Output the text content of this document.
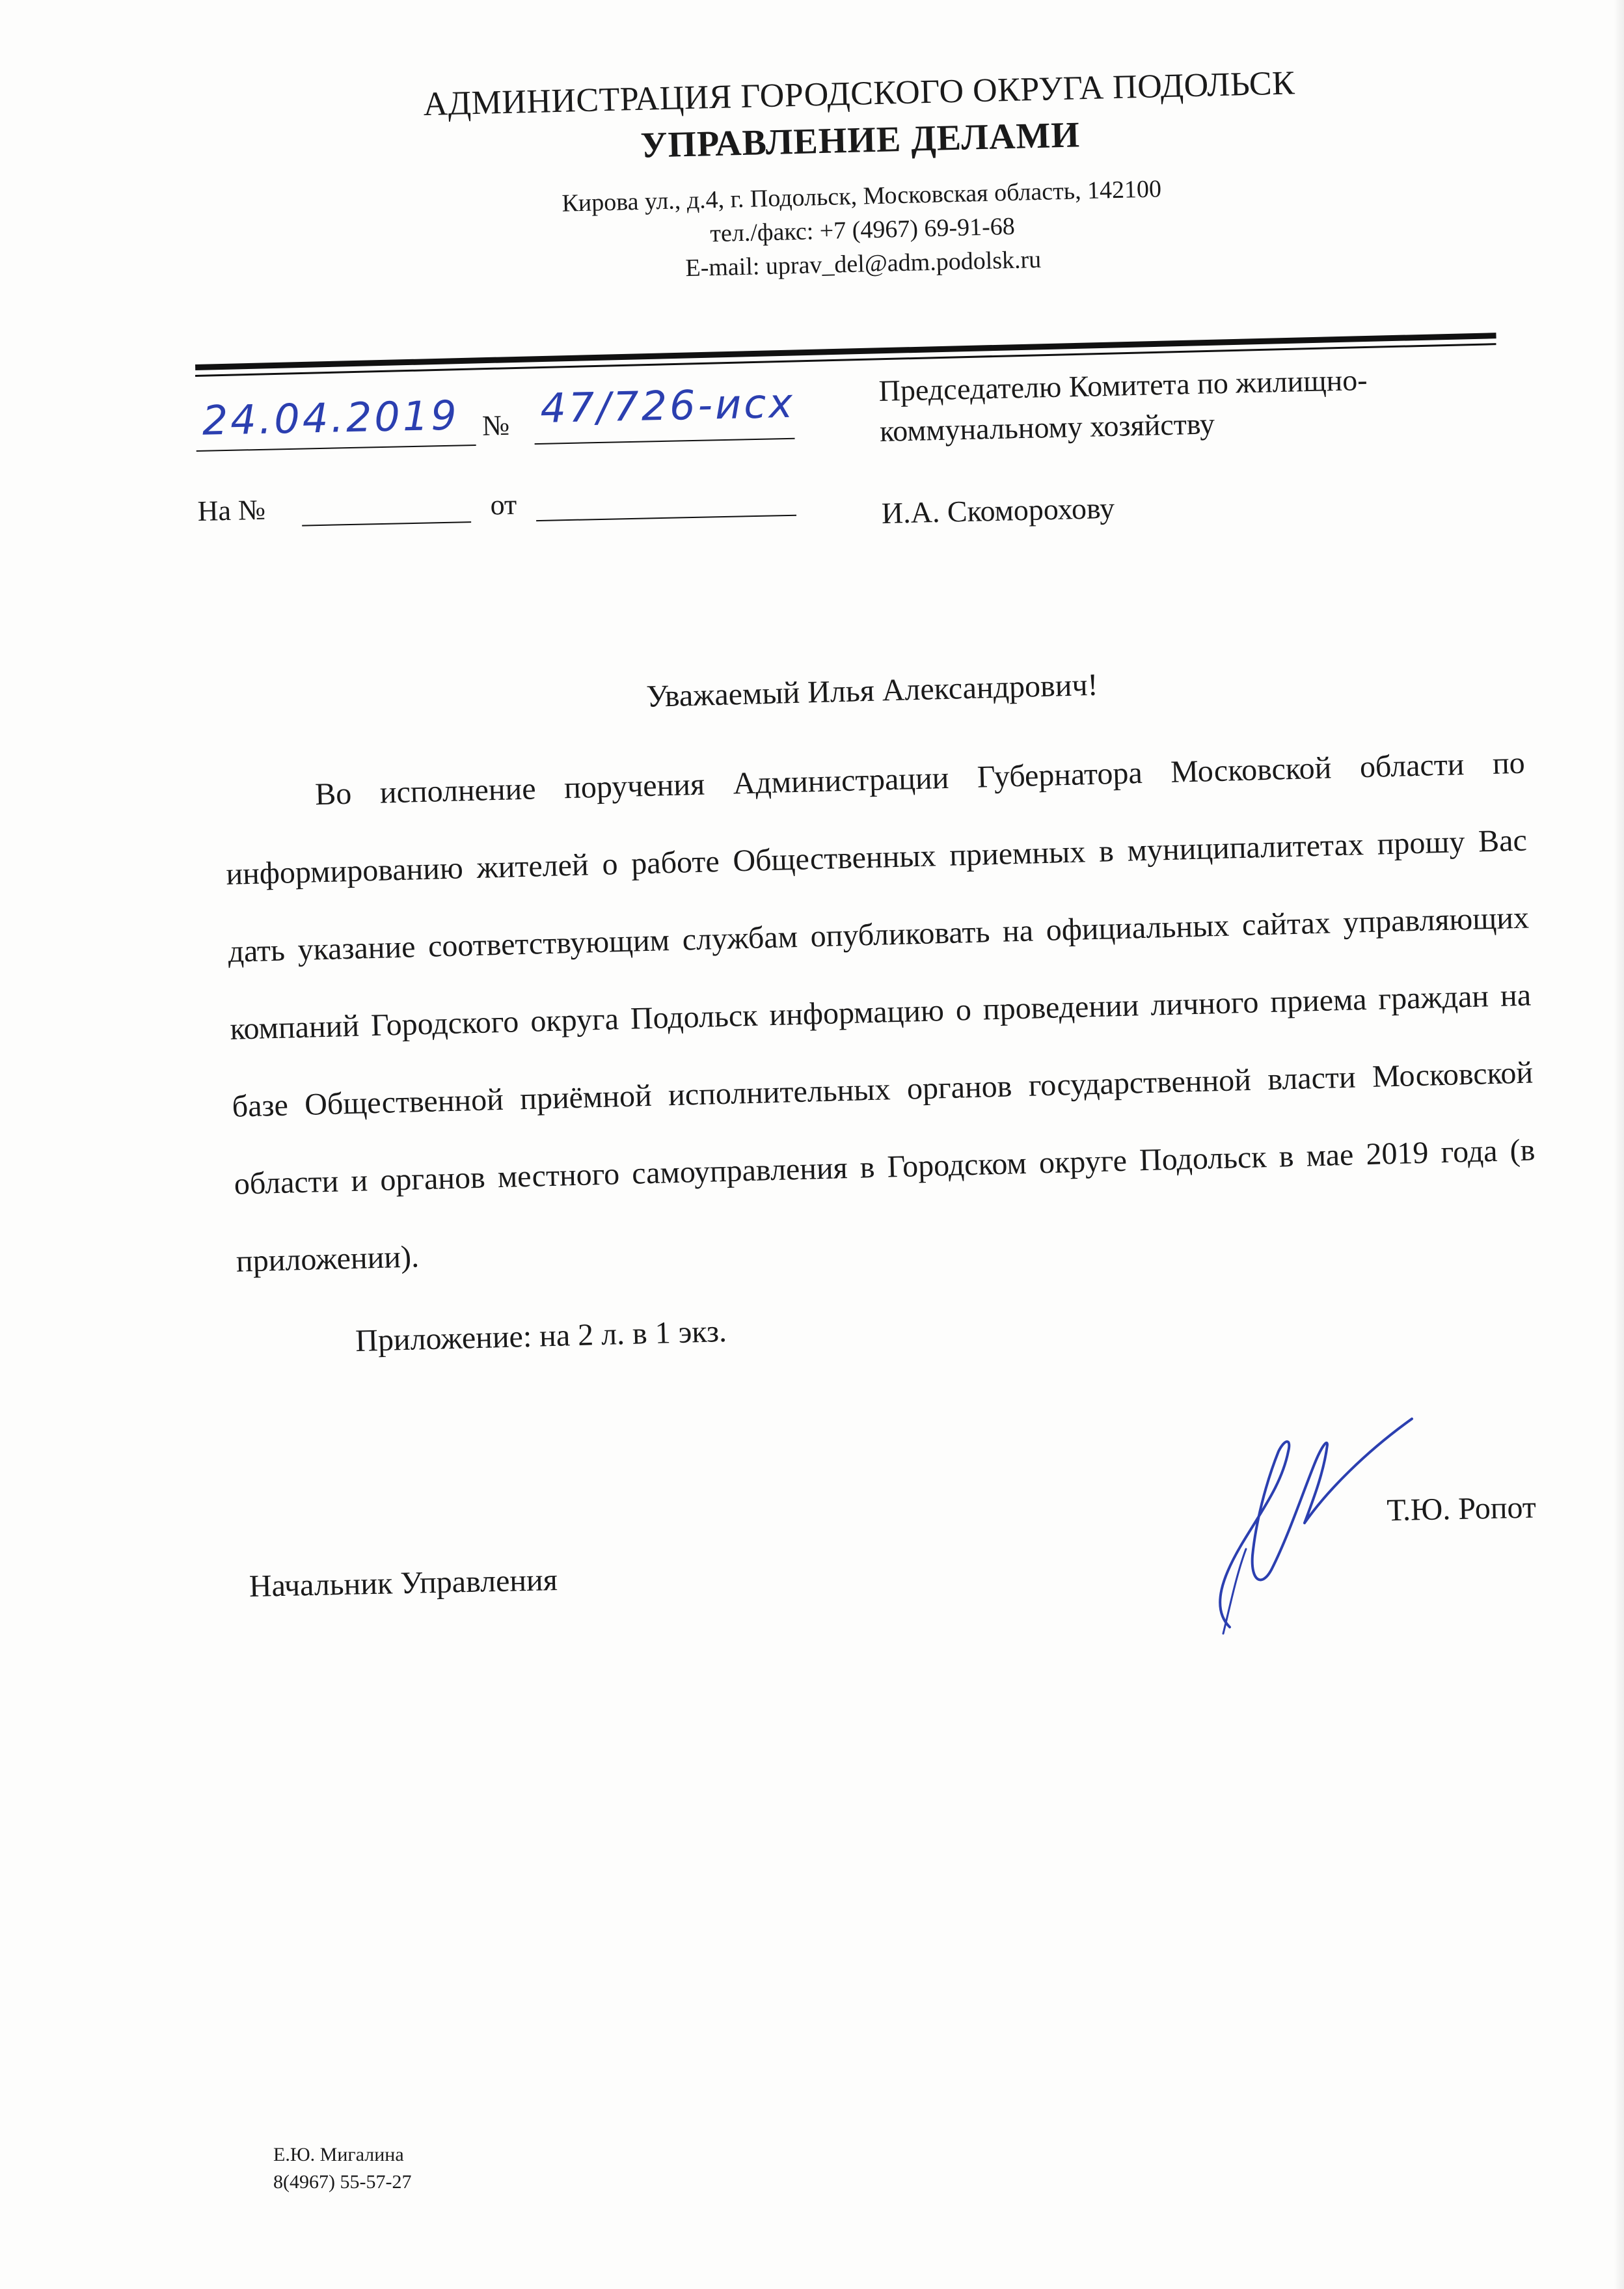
АДМИНИСТРАЦИЯ ГОРОДСКОГО ОКРУГА ПОДОЛЬСК
УПРАВЛЕНИЕ ДЕЛАМИ
Кирова ул., д.4, г. Подольск, Московская область, 142100
тел./факс: +7 (4967) 69-91-68
E-mail: uprav_del@adm.podolsk.ru
24.04.2019 № 47/726-исх
На №	от
Председателю Комитета по жилищно-
коммунальному хозяйству
И.А. Скоморохову
Уважаемый Илья Александрович!
Во исполнение поручения Администрации Губернатора Московской области по информированию жителей о работе Общественных приемных в муниципалитетах прошу Вас дать указание соответствующим службам опубликовать на официальных сайтах управляющих компаний Городского округа Подольск информацию о проведении личного приема граждан на базе Общественной приёмной исполнительных органов государственной власти Московской области и органов местного самоуправления в Городском округе Подольск в мае 2019 года (в приложении).
Приложение: на 2 л. в 1 экз.
Начальник Управления
Т.Ю. Ропот
Е.Ю. Мигалина
8(4967) 55-57-27
